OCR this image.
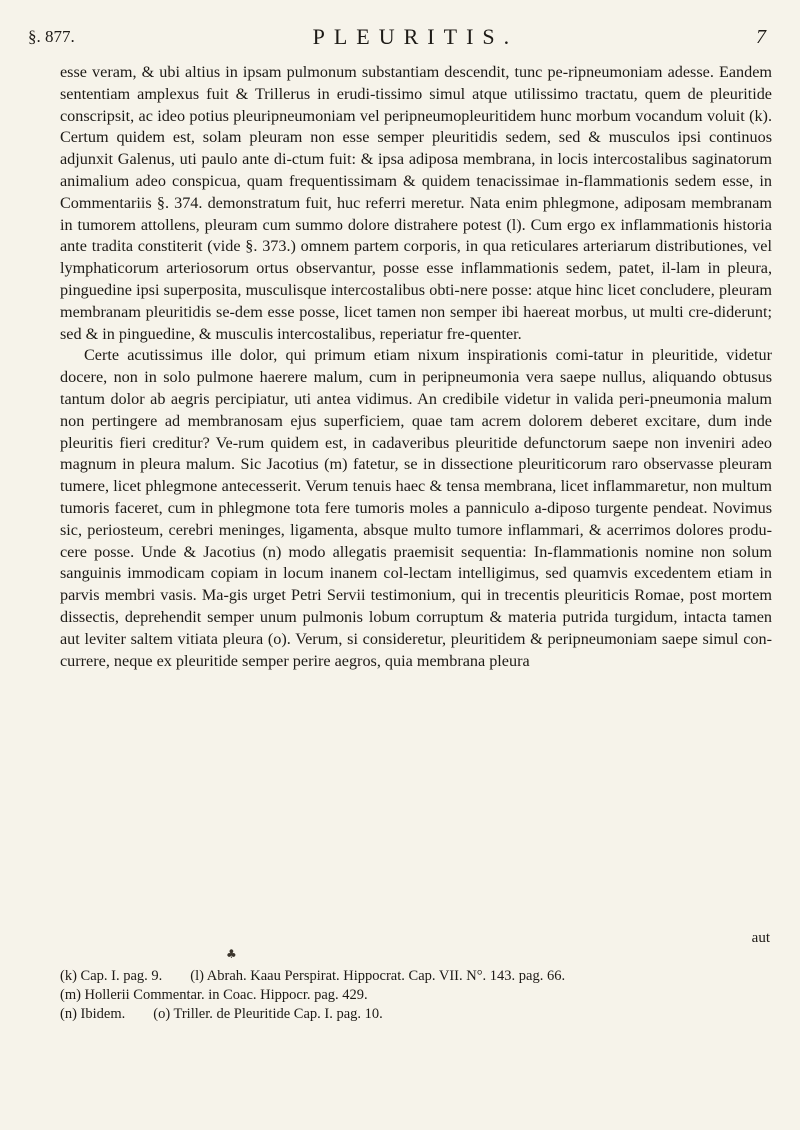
§. 877.	PLEURITIS.	7

esse veram, & ubi altius in ipsam pulmonum substantiam descendit, tunc pe-ripneumoniam adesse. Eandem sententiam amplexus fuit & Trillerus in erudi-tissimo simul atque utilissimo tractatu, quem de pleuritide conscripsit, ac ideo potius pleuripneumoniam vel peripneumopleuritidem hunc morbum vocandum voluit (k). Certum quidem est, solam pleuram non esse semper pleuritidis sedem, sed & musculos ipsi continuos adjunxit Galenus, uti paulo ante di-ctum fuit: & ipsa adiposa membrana, in locis intercostalibus saginatorum animalium adeo conspicua, quam frequentissimam & quidem tenacissimae in-flammationis sedem esse, in Commentariis §. 374. demonstratum fuit, huc referri meretur. Nata enim phlegmone, adiposam membranam in tumorem attollens, pleuram cum summo dolore distrahere potest (l). Cum ergo ex inflammationis historia ante tradita constiterit (vide §. 373.) omnem partem corporis, in qua reticulares arteriarum distributiones, vel lymphaticorum arteriosorum ortus observantur, posse esse inflammationis sedem, patet, il-lam in pleura, pinguedine ipsi superposita, musculisque intercostalibus obti-nere posse: atque hinc licet concludere, pleuram membranam pleuritidis se-dem esse posse, licet tamen non semper ibi haereat morbus, ut multi cre-diderunt; sed & in pinguedine, & musculis intercostalibus, reperiatur fre-quenter.

Certe acutissimus ille dolor, qui primum etiam nixum inspirationis comi-tatur in pleuritide, videtur docere, non in solo pulmone haerere malum, cum in peripneumonia vera saepe nullus, aliquando obtusus tantum dolor ab aegris percipiatur, uti antea vidimus. An credibile videtur in valida peri-pneumonia malum non pertingere ad membranosam ejus superficiem, quae tam acrem dolorem deberet excitare, dum inde pleuritis fieri creditur? Ve-rum quidem est, in cadaveribus pleuritide defunctorum saepe non inveniri adeo magnum in pleura malum. Sic Jacotius (m) fatetur, se in dissectione pleuriticorum raro observasse pleuram tumere, licet phlegmone antecesserit. Verum tenuis haec & tensa membrana, licet inflammaretur, non multum tumoris faceret, cum in phlegmone tota fere tumoris moles a panniculo a-diposo turgente pendeat. Novimus sic, periosteum, cerebri meninges, ligamenta, absque multo tumore inflammari, & acerrimos dolores produ-cere posse. Unde & Jacotius (n) modo allegatis praemisit sequentia: In-flammationis nomine non solum sanguinis immodicam copiam in locum inanem col-lectam intelligimus, sed quamvis excedentem etiam in parvis membri vasis. Ma-gis urget Petri Servii testimonium, qui in trecentis pleuriticis Romae, post mortem dissectis, deprehendit semper unum pulmonis lobum corruptum & materia putrida turgidum, intacta tamen aut leviter saltem vitiata pleura (o). Verum, si consideretur, pleuritidem & peripneumoniam saepe simul con-currere, neque ex pleuritide semper perire aegros, quia membrana pleura

aut
♣
(k) Cap. I. pag. 9. (l) Abrah. Kaau Perspirat. Hippocrat. Cap. VII. N°. 143. pag. 66.
(m) Hollerii Commentar. in Coac. Hippocr. pag. 429.
(n) Ibidem. (o) Triller. de Pleuritide Cap. I. pag. 10.
